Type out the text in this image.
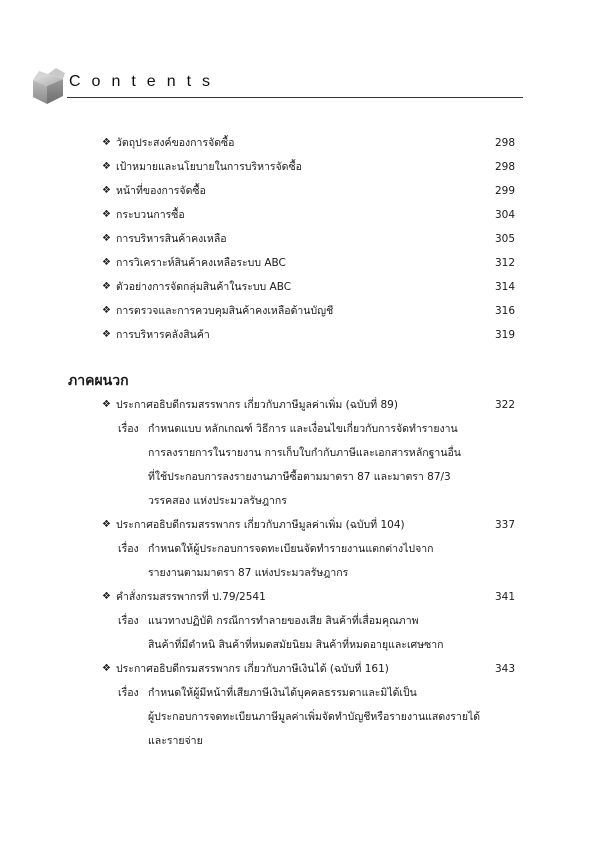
Contents
❖ วัตถุประสงค์ของการจัดซื้อ	298
❖ เป้าหมายและนโยบายในการบริหารจัดซื้อ	298
❖ หน้าที่ของการจัดซื้อ	299
❖ กระบวนการซื้อ	304
❖ การบริหารสินค้าคงเหลือ	305
❖ การวิเคราะห์สินค้าคงเหลือระบบ ABC	312
❖ ตัวอย่างการจัดกลุ่มสินค้าในระบบ ABC	314
❖ การตรวจและการควบคุมสินค้าคงเหลือด้านบัญชี	316
❖ การบริหารคลังสินค้า	319
ภาคผนวก
❖ ประกาศอธิบดีกรมสรรพากร เกี่ยวกับภาษีมูลค่าเพิ่ม (ฉบับที่ 89)	322
เรื่อง กำหนดแบบ หลักเกณฑ์ วิธีการ และเงื่อนไขเกี่ยวกับการจัดทำรายงาน
การลงรายการในรายงาน การเก็บใบกำกับภาษีและเอกสารหลักฐานอื่น
ที่ใช้ประกอบการลงรายงานภาษีซื้อตามมาตรา 87 และมาตรา 87/3
วรรคสอง แห่งประมวลรัษฎากร
❖ ประกาศอธิบดีกรมสรรพากร เกี่ยวกับภาษีมูลค่าเพิ่ม (ฉบับที่ 104)	337
เรื่อง กำหนดให้ผู้ประกอบการจดทะเบียนจัดทำรายงานแตกต่างไปจาก
รายงานตามมาตรา 87 แห่งประมวลรัษฎากร
❖ คำสั่งกรมสรรพากรที่ ป.79/2541	341
เรื่อง แนวทางปฏิบัติ กรณีการทำลายของเสีย สินค้าที่เสื่อมคุณภาพ
สินค้าที่มีตำหนิ สินค้าที่หมดสมัยนิยม สินค้าที่หมดอายุและเศษซาก
❖ ประกาศอธิบดีกรมสรรพากร เกี่ยวกับภาษีเงินได้ (ฉบับที่ 161)	343
เรื่อง กำหนดให้ผู้มีหน้าที่เสียภาษีเงินได้บุคคลธรรมดาและมิได้เป็น
ผู้ประกอบการจดทะเบียนภาษีมูลค่าเพิ่มจัดทำบัญชีหรือรายงานแสดงรายได้
และรายจ่าย
